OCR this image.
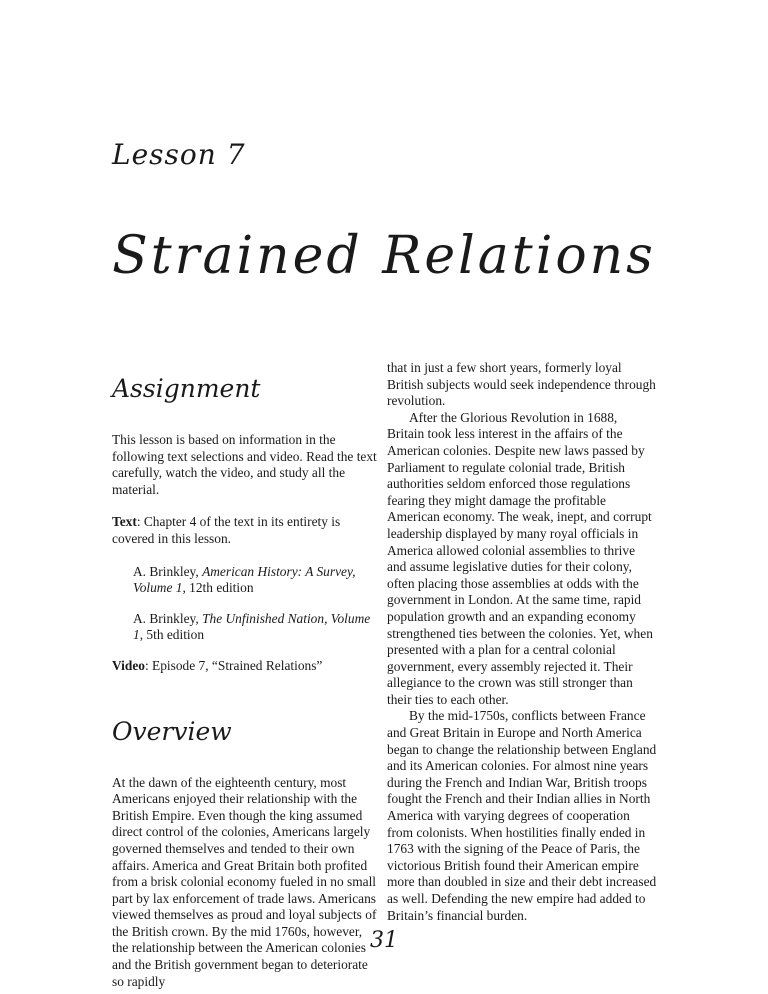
Lesson 7
Strained Relations
Assignment

This lesson is based on information in the following text selections and video. Read the text carefully, watch the video, and study all the material.

Text: Chapter 4 of the text in its entirety is covered in this lesson.

A. Brinkley, American History: A Survey, Volume 1, 12th edition

A. Brinkley, The Unfinished Nation, Volume 1, 5th edition

Video: Episode 7, “Strained Relations”

Overview

At the dawn of the eighteenth century, most Americans enjoyed their relationship with the British Empire. Even though the king assumed direct control of the colonies, Americans largely governed themselves and tended to their own affairs. America and Great Britain both profited from a brisk colonial economy fueled in no small part by lax enforcement of trade laws. Americans viewed themselves as proud and loyal subjects of the British crown. By the mid 1760s, however, the relationship between the American colonies and the British government began to deteriorate so rapidly

that in just a few short years, formerly loyal British subjects would seek independence through revolution.

After the Glorious Revolution in 1688, Britain took less interest in the affairs of the American colonies. Despite new laws passed by Parliament to regulate colonial trade, British authorities seldom enforced those regulations fearing they might damage the profitable American economy. The weak, inept, and corrupt leadership displayed by many royal officials in America allowed colonial assemblies to thrive and assume legislative duties for their colony, often placing those assemblies at odds with the government in London. At the same time, rapid population growth and an expanding economy strengthened ties between the colonies. Yet, when presented with a plan for a central colonial government, every assembly rejected it. Their allegiance to the crown was still stronger than their ties to each other.

By the mid-1750s, conflicts between France and Great Britain in Europe and North America began to change the relationship between England and its American colonies. For almost nine years during the French and Indian War, British troops fought the French and their Indian allies in North America with varying degrees of cooperation from colonists. When hostilities finally ended in 1763 with the signing of the Peace of Paris, the victorious British found their American empire more than doubled in size and their debt increased as well. Defending the new empire had added to Britain’s financial burden.

31
